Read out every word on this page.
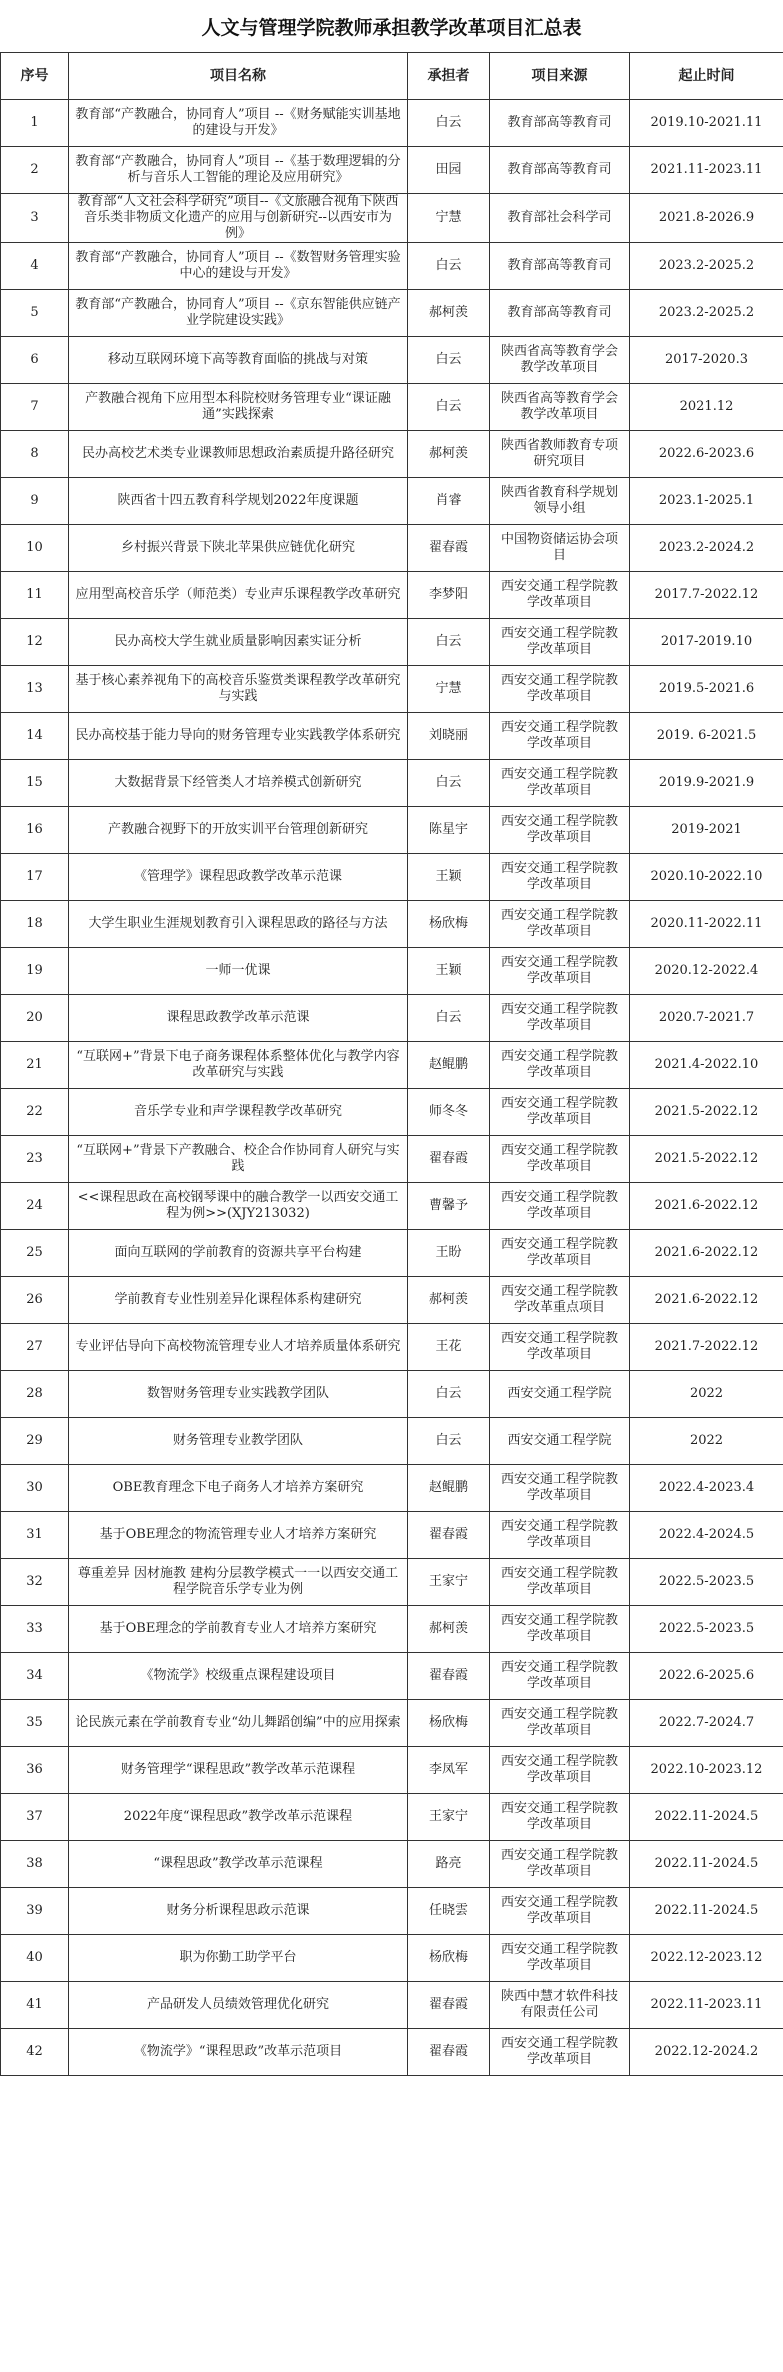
人文与管理学院教师承担教学改革项目汇总表
序号	项目名称	承担者	项目来源	起止时间
1	教育部“产教融合，协同育人”项目 --《财务赋能实训基地的建设与开发》	白云	教育部高等教育司	2019.10-2021.11
2	教育部“产教融合，协同育人”项目 --《基于数理逻辑的分析与音乐人工智能的理论及应用研究》	田园	教育部高等教育司	2021.11-2023.11
3	教育部“人文社会科学研究”项目--《文旅融合视角下陕西音乐类非物质文化遗产的应用与创新研究--以西安市为例》	宁慧	教育部社会科学司	2021.8-2026.9
4	教育部“产教融合，协同育人”项目 --《数智财务管理实验中心的建设与开发》	白云	教育部高等教育司	2023.2-2025.2
5	教育部“产教融合，协同育人”项目 --《京东智能供应链产业学院建设实践》	郝柯羡	教育部高等教育司	2023.2-2025.2
6	移动互联网环境下高等教育面临的挑战与对策	白云	陕西省高等教育学会教学改革项目	2017-2020.3
7	产教融合视角下应用型本科院校财务管理专业“课证融通”实践探索	白云	陕西省高等教育学会教学改革项目	2021.12
8	民办高校艺术类专业课教师思想政治素质提升路径研究	郝柯羡	陕西省教师教育专项研究项目	2022.6-2023.6
9	陕西省十四五教育科学规划2022年度课题	肖睿	陕西省教育科学规划领导小组	2023.1-2025.1
10	乡村振兴背景下陕北苹果供应链优化研究	翟春霞	中国物资储运协会项目	2023.2-2024.2
11	应用型高校音乐学（师范类）专业声乐课程教学改革研究	李梦阳	西安交通工程学院教学改革项目	2017.7-2022.12
12	民办高校大学生就业质量影响因素实证分析	白云	西安交通工程学院教学改革项目	2017-2019.10
13	基于核心素养视角下的高校音乐鉴赏类课程教学改革研究与实践	宁慧	西安交通工程学院教学改革项目	2019.5-2021.6
14	民办高校基于能力导向的财务管理专业实践教学体系研究	刘晓丽	西安交通工程学院教学改革项目	2019. 6-2021.5
15	大数据背景下经管类人才培养模式创新研究	白云	西安交通工程学院教学改革项目	2019.9-2021.9
16	产教融合视野下的开放实训平台管理创新研究	陈星宇	西安交通工程学院教学改革项目	2019-2021
17	《管理学》课程思政教学改革示范课	王颖	西安交通工程学院教学改革项目	2020.10-2022.10
18	大学生职业生涯规划教育引入课程思政的路径与方法	杨欣梅	西安交通工程学院教学改革项目	2020.11-2022.11
19	一师一优课	王颖	西安交通工程学院教学改革项目	2020.12-2022.4
20	课程思政教学改革示范课	白云	西安交通工程学院教学改革项目	2020.7-2021.7
21	“互联网+”背景下电子商务课程体系整体优化与教学内容改革研究与实践	赵鲲鹏	西安交通工程学院教学改革项目	2021.4-2022.10
22	音乐学专业和声学课程教学改革研究	师冬冬	西安交通工程学院教学改革项目	2021.5-2022.12
23	“互联网+”背景下产教融合、校企合作协同育人研究与实践	翟春霞	西安交通工程学院教学改革项目	2021.5-2022.12
24	<<课程思政在高校钢琴课中的融合教学一以西安交通工程为例>>(XJY213032)	曹馨予	西安交通工程学院教学改革项目	2021.6-2022.12
25	面向互联网的学前教育的资源共享平台构建	王盼	西安交通工程学院教学改革项目	2021.6-2022.12
26	学前教育专业性别差异化课程体系构建研究	郝柯羡	西安交通工程学院教学改革重点项目	2021.6-2022.12
27	专业评估导向下高校物流管理专业人才培养质量体系研究	王花	西安交通工程学院教学改革项目	2021.7-2022.12
28	数智财务管理专业实践教学团队	白云	西安交通工程学院	2022
29	财务管理专业教学团队	白云	西安交通工程学院	2022
30	OBE教育理念下电子商务人才培养方案研究	赵鲲鹏	西安交通工程学院教学改革项目	2022.4-2023.4
31	基于OBE理念的物流管理专业人才培养方案研究	翟春霞	西安交通工程学院教学改革项目	2022.4-2024.5
32	尊重差异 因材施教 建构分层教学模式一一以西安交通工程学院音乐学专业为例	王家宁	西安交通工程学院教学改革项目	2022.5-2023.5
33	基于OBE理念的学前教育专业人才培养方案研究	郝柯羡	西安交通工程学院教学改革项目	2022.5-2023.5
34	《物流学》校级重点课程建设项目	翟春霞	西安交通工程学院教学改革项目	2022.6-2025.6
35	论民族元素在学前教育专业“幼儿舞蹈创编”中的应用探索	杨欣梅	西安交通工程学院教学改革项目	2022.7-2024.7
36	财务管理学“课程思政”教学改革示范课程	李凤军	西安交通工程学院教学改革项目	2022.10-2023.12
37	2022年度“课程思政”教学改革示范课程	王家宁	西安交通工程学院教学改革项目	2022.11-2024.5
38	“课程思政”教学改革示范课程	路亮	西安交通工程学院教学改革项目	2022.11-2024.5
39	财务分析课程思政示范课	任晓雲	西安交通工程学院教学改革项目	2022.11-2024.5
40	职为你勤工助学平台	杨欣梅	西安交通工程学院教学改革项目	2022.12-2023.12
41	产品研发人员绩效管理优化研究	翟春霞	陕西中慧才软件科技有限责任公司	2022.11-2023.11
42	《物流学》“课程思政”改革示范项目	翟春霞	西安交通工程学院教学改革项目	2022.12-2024.2
